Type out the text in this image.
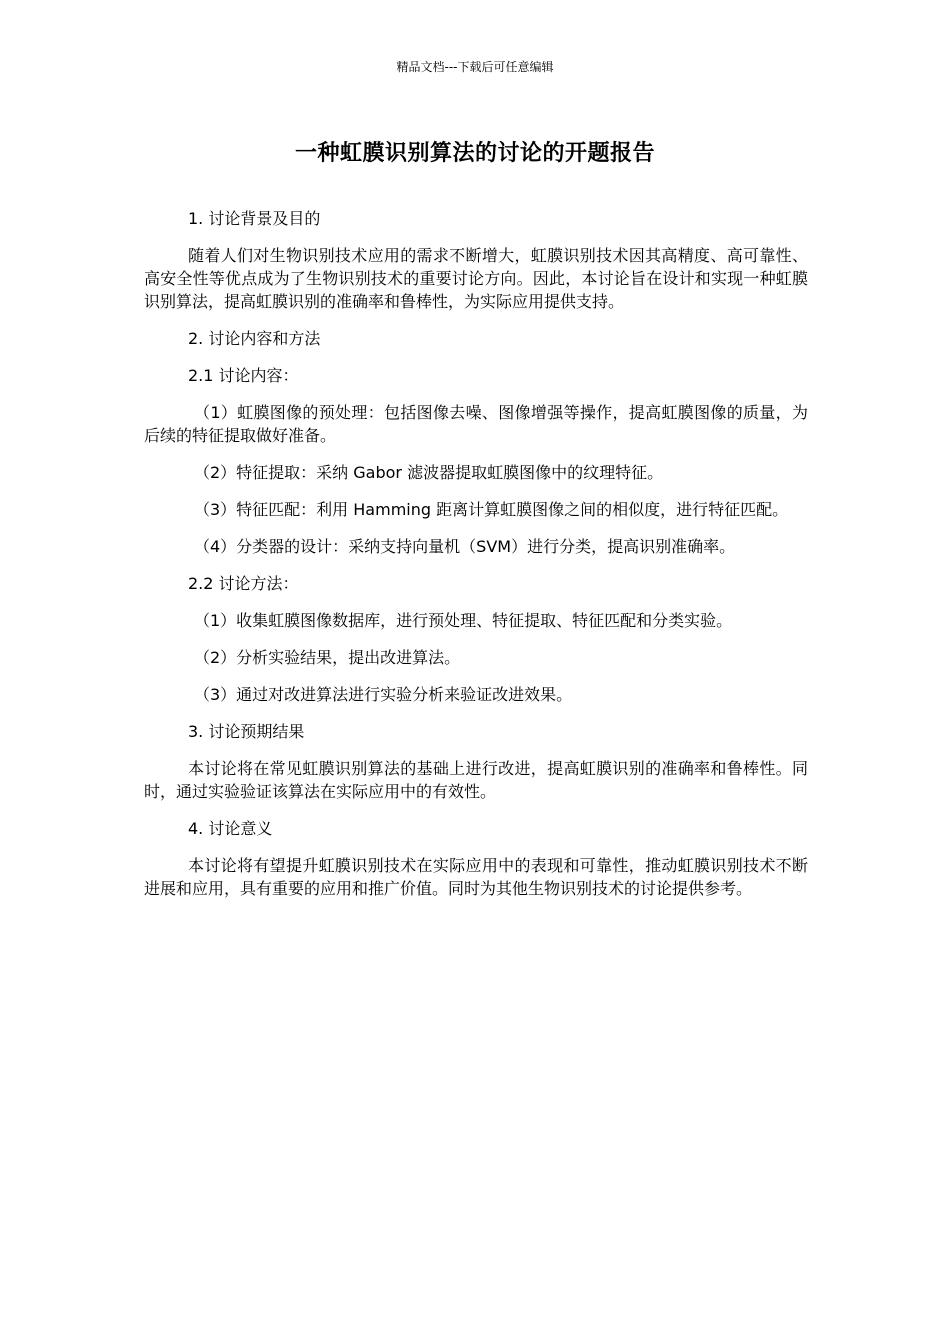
精品文档---下载后可任意编辑
一种虹膜识别算法的讨论的开题报告

1. 讨论背景及目的

随着人们对生物识别技术应用的需求不断增大，虹膜识别技术因其高精度、高可靠性、高安全性等优点成为了生物识别技术的重要讨论方向。因此，本讨论旨在设计和实现一种虹膜识别算法，提高虹膜识别的准确率和鲁棒性，为实际应用提供支持。

2. 讨论内容和方法

2.1 讨论内容：

（1）虹膜图像的预处理：包括图像去噪、图像增强等操作，提高虹膜图像的质量，为后续的特征提取做好准备。

（2）特征提取：采纳 Gabor 滤波器提取虹膜图像中的纹理特征。

（3）特征匹配：利用 Hamming 距离计算虹膜图像之间的相似度，进行特征匹配。

（4）分类器的设计：采纳支持向量机（SVM）进行分类，提高识别准确率。

2.2 讨论方法：

（1）收集虹膜图像数据库，进行预处理、特征提取、特征匹配和分类实验。

（2）分析实验结果，提出改进算法。

（3）通过对改进算法进行实验分析来验证改进效果。

3. 讨论预期结果

本讨论将在常见虹膜识别算法的基础上进行改进，提高虹膜识别的准确率和鲁棒性。同时，通过实验验证该算法在实际应用中的有效性。

4. 讨论意义

本讨论将有望提升虹膜识别技术在实际应用中的表现和可靠性，推动虹膜识别技术不断进展和应用，具有重要的应用和推广价值。同时为其他生物识别技术的讨论提供参考。
